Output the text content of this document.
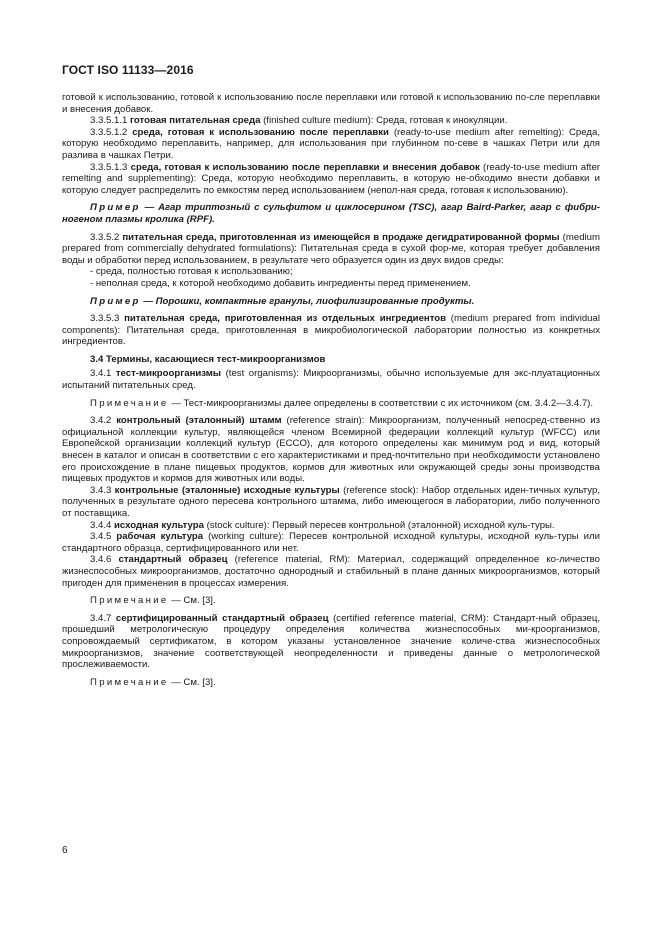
ГОСТ ISO 11133—2016

готовой к использованию, готовой к использованию после переплавки или готовой к использованию по-сле переплавки и внесения добавок.

3.3.5.1.1 готовая питательная среда (finished culture medium): Среда, готовая к инокуляции.

3.3.5.1.2 среда, готовая к использованию после переплавки (ready-to-use medium after remelting): Среда, которую необходимо переплавить, например, для использования при глубинном по-севе в чашках Петри или для разлива в чашках Петри.

3.3.5.1.3 среда, готовая к использованию после переплавки и внесения добавок (ready-to-use medium after remelting and supplementing): Среда, которую необходимо переплавить, в которую не-обходимо внести добавки и которую следует распределить по емкостям перед использованием (непол-ная среда, готовая к использованию).

Пример — Агар триптозный с сульфитом и циклосерином (TSC), агар Baird-Parker, агар с фибри-ногеном плазмы кролика (RPF).

3.3.5.2 питательная среда, приготовленная из имеющейся в продаже дегидратированной формы (medium prepared from commercially dehydrated formulations): Питательная среда в сухой фор-ме, которая требует добавления воды и обработки перед использованием, в результате чего образуется один из двух видов среды:

- среда, полностью готовая к использованию;

- неполная среда, к которой необходимо добавить ингредиенты перед применением.

Пример — Порошки, компактные гранулы, лиофилизированные продукты.

3.3.5.3 питательная среда, приготовленная из отдельных ингредиентов (medium prepared from individual components): Питательная среда, приготовленная в микробиологической лаборатории полностью из конкретных ингредиентов.

3.4 Термины, касающиеся тест-микроорганизмов

3.4.1 тест-микроорганизмы (test organisms): Микроорганизмы, обычно используемые для экс-плуатационных испытаний питательных сред.

Примечание — Тест-микроорганизмы далее определены в соответствии с их источником (см. 3.4.2—3.4.7).

3.4.2 контрольный (эталонный) штамм (reference strain): Микроорганизм, полученный непосред-ственно из официальной коллекции культур, являющейся членом Всемирной федерации коллекций культур (WFCC) или Европейской организации коллекций культур (ECCO), для которого определены как минимум род и вид, который внесен в каталог и описан в соответствии с его характеристиками и пред-почтительно при необходимости установлено его происхождение в плане пищевых продуктов, кормов для животных или окружающей среды зоны производства пищевых продуктов и кормов для животных или воды.

3.4.3 контрольные (эталонные) исходные культуры (reference stock): Набор отдельных иден-тичных культур, полученных в результате одного пересева контрольного штамма, либо имеющегося в лаборатории, либо полученного от поставщика.

3.4.4 исходная культура (stock culture): Первый пересев контрольной (эталонной) исходной куль-туры.

3.4.5 рабочая культура (working culture): Пересев контрольной исходной культуры, исходной куль-туры или стандартного образца, сертифицированного или нет.

3.4.6 стандартный образец (reference material, RM): Материал, содержащий определенное ко-личество жизнеспособных микроорганизмов, достаточно однородный и стабильный в плане данных микроорганизмов, который пригоден для применения в процессах измерения.

Примечание — См. [3].

3.4.7 сертифицированный стандартный образец (certified reference material, CRM): Стандарт-ный образец, прошедший метрологическую процедуру определения количества жизнеспособных ми-кроорганизмов, сопровождаемый сертификатом, в котором указаны установленное значение количе-ства жизнеспособных микроорганизмов, значение соответствующей неопределенности и приведены данные о метрологической прослеживаемости.

Примечание — См. [3].

6
